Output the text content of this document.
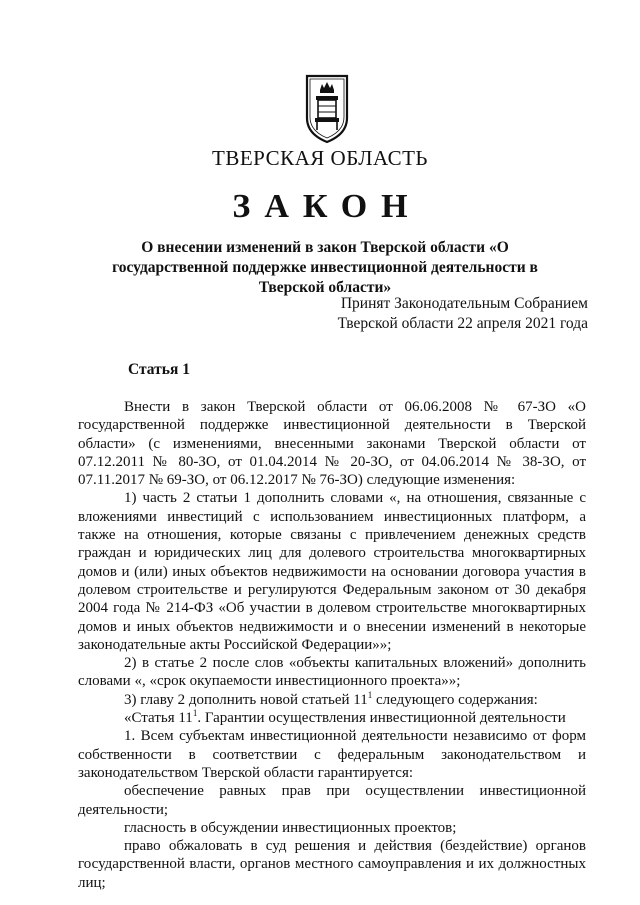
ТВЕРСКАЯ ОБЛАСТЬ
ЗАКОН
О внесении изменений в закон Тверской области «О государственной поддержке инвестиционной деятельности в Тверской области»
Принят Законодательным Собранием
Тверской области 22 апреля 2021 года
Статья 1

Внести в закон Тверской области от 06.06.2008 № 67-ЗО «О государственной поддержке инвестиционной деятельности в Тверской области» (с изменениями, внесенными законами Тверской области от 07.12.2011 № 80-ЗО, от 01.04.2014 № 20-ЗО, от 04.06.2014 № 38-ЗО, от 07.11.2017 № 69-ЗО, от 06.12.2017 № 76-ЗО) следующие изменения:

1) часть 2 статьи 1 дополнить словами «, на отношения, связанные с вложениями инвестиций с использованием инвестиционных платформ, а также на отношения, которые связаны с привлечением денежных средств граждан и юридических лиц для долевого строительства многоквартирных домов и (или) иных объектов недвижимости на основании договора участия в долевом строительстве и регулируются Федеральным законом от 30 декабря 2004 года № 214-ФЗ «Об участии в долевом строительстве многоквартирных домов и иных объектов недвижимости и о внесении изменений в некоторые законодательные акты Российской Федерации»»;

2) в статье 2 после слов «объекты капитальных вложений» дополнить словами «, «срок окупаемости инвестиционного проекта»»;

3) главу 2 дополнить новой статьей $11^1$ следующего содержания:

«Статья $11^1$. Гарантии осуществления инвестиционной деятельности

1. Всем субъектам инвестиционной деятельности независимо от форм собственности в соответствии с федеральным законодательством и законодательством Тверской области гарантируется:

обеспечение равных прав при осуществлении инвестиционной деятельности;

гласность в обсуждении инвестиционных проектов;

право обжаловать в суд решения и действия (бездействие) органов государственной власти, органов местного самоуправления и их должностных лиц;
